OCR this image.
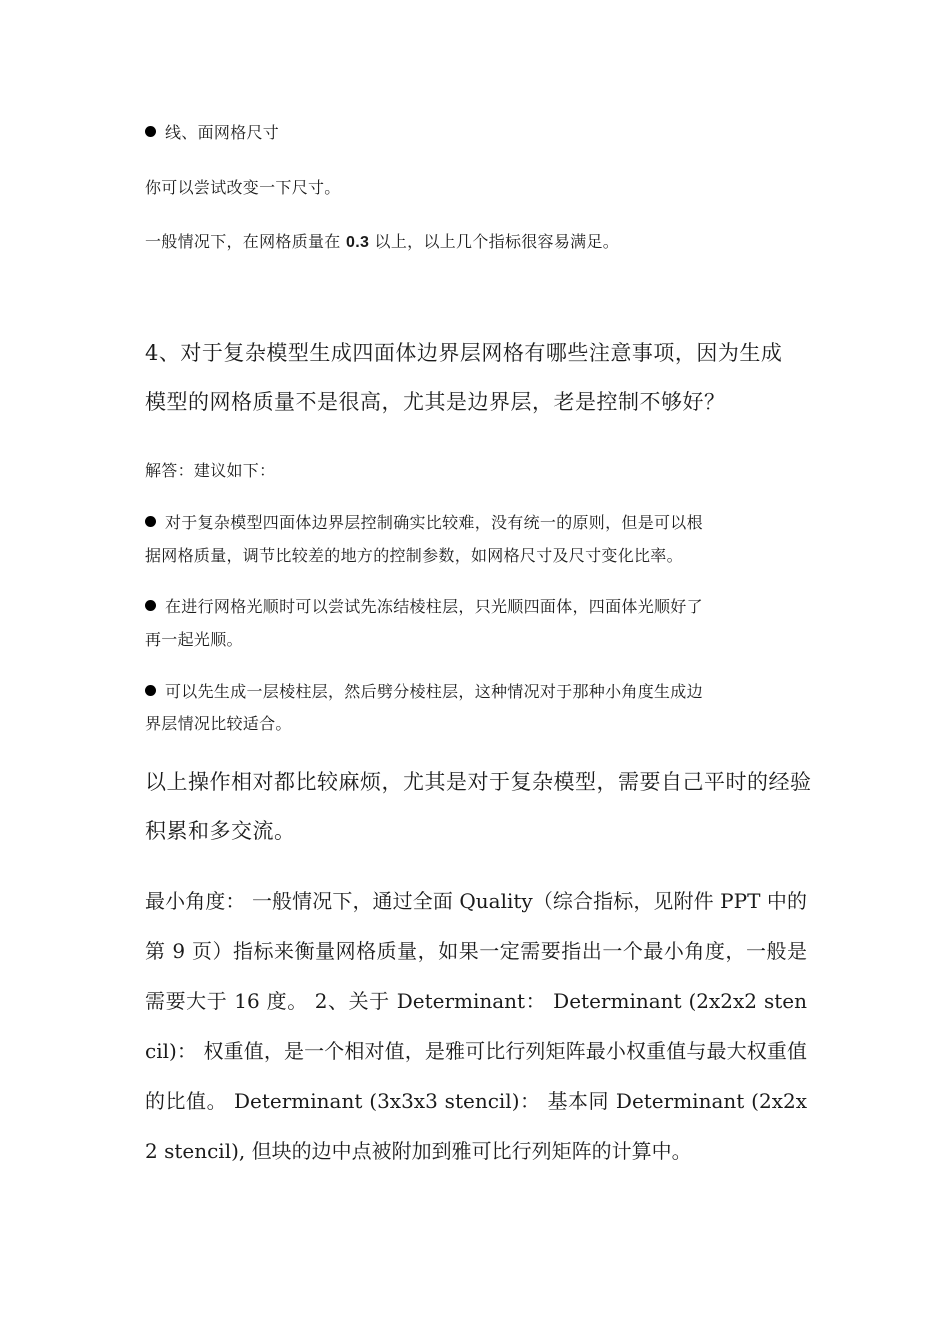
线、面网格尺寸
你可以尝试改变一下尺寸。
一般情况下，在网格质量在 0.3 以上，以上几个指标很容易满足。
4、对于复杂模型生成四面体边界层网格有哪些注意事项，因为生成
模型的网格质量不是很高，尤其是边界层，老是控制不够好？
解答：建议如下：
对于复杂模型四面体边界层控制确实比较难，没有统一的原则，但是可以根
据网格质量，调节比较差的地方的控制参数，如网格尺寸及尺寸变化比率。
在进行网格光顺时可以尝试先冻结棱柱层，只光顺四面体，四面体光顺好了
再一起光顺。
可以先生成一层棱柱层，然后劈分棱柱层，这种情况对于那种小角度生成边
界层情况比较适合。
以上操作相对都比较麻烦，尤其是对于复杂模型，需要自己平时的经验
积累和多交流。
最小角度： 一般情况下，通过全面 Quality（综合指标，见附件 PPT 中的第 9 页）指标来衡量网格质量，如果一定需要指出一个最小角度，一般是需要大于 16 度。 2、关于 Determinant： Determinant (2x2x2 stencil)： 权重值，是一个相对值，是雅可比行列矩阵最小权重值与最大权重值的比值。 Determinant (3x3x3 stencil)： 基本同 Determinant (2x2x2 stencil), 但块的边中点被附加到雅可比行列矩阵的计算中。
